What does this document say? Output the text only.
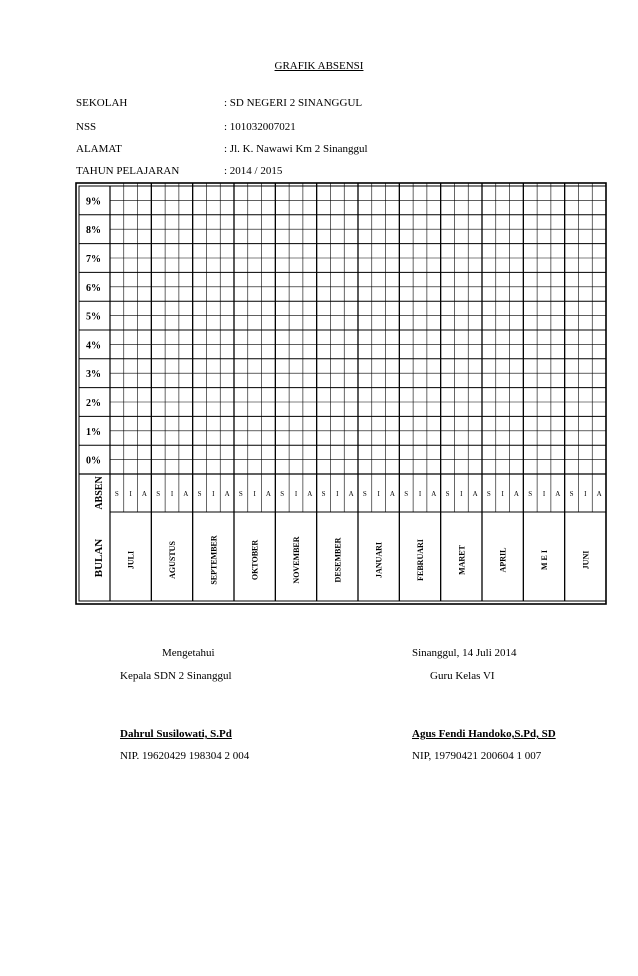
GRAFIK ABSENSI
SEKOLAH	: SD NEGERI 2 SINANGGUL
NSS	: 101032007021
ALAMAT	: Jl. K. Nawawi Km 2 Sinanggul
TAHUN PELAJARAN	: 2014 / 2015
9%
8%
7%
6%
5%
4%
3%
2%
1%
0%
ABSEN
BULAN
S I A S I A S I A S I A S I A S I A S I A S I A S I A S I A S I A S I A
JULI	AGUSTUS	SEPTEMBER	OKTOBER	NOVEMBER	DESEMBER	JANUARI	FEBRUARI	MARET	APRIL	M E I	JUNI
Mengetahui
Kepala SDN 2 Sinanggul
Dahrul Susilowati, S.Pd
NIP. 19620429 198304 2 004
Sinanggul, 14 Juli 2014
Guru Kelas VI
Agus Fendi Handoko,S.Pd, SD
NIP, 19790421 200604 1 007
